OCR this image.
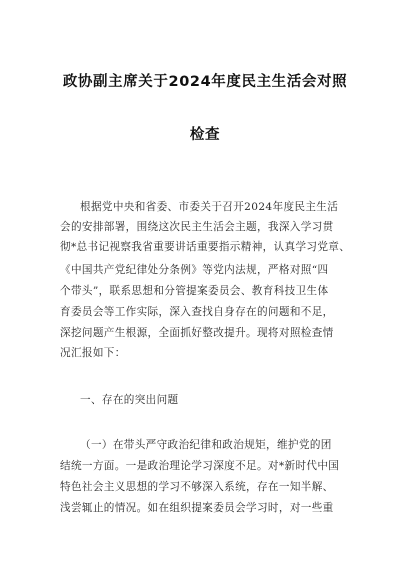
政协副主席关于2024年度民主生活会对照
检查
根据党中央和省委、市委关于召开2024年度民主生活
会的安排部署，围绕这次民主生活会主题，我深入学习贯
彻*总书记视察我省重要讲话重要指示精神，认真学习党章、
《中国共产党纪律处分条例》等党内法规，严格对照“四
个带头”，联系思想和分管提案委员会、教育科技卫生体
育委员会等工作实际，深入查找自身存在的问题和不足，
深挖问题产生根源，全面抓好整改提升。现将对照检查情
况汇报如下：
一、存在的突出问题
（一）在带头严守政治纪律和政治规矩，维护党的团
结统一方面。一是政治理论学习深度不足。对*新时代中国
特色社会主义思想的学习不够深入系统，存在一知半解、
浅尝辄止的情况。如在组织提案委员会学习时，对一些重
